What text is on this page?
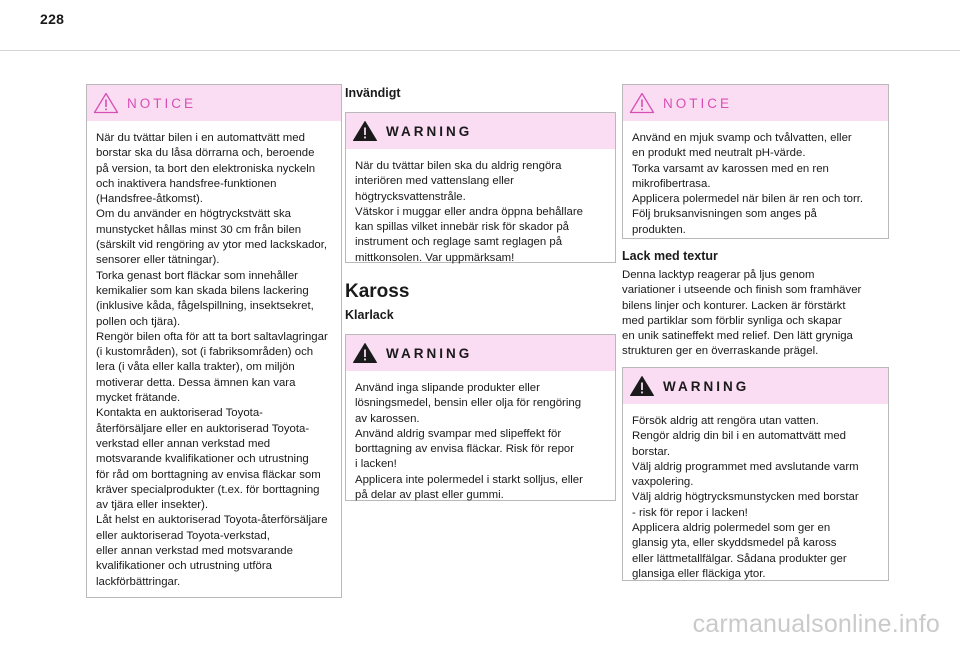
228
NOTICE

När du tvättar bilen i en automattvätt med
borstar ska du låsa dörrarna och, beroende
på version, ta bort den elektroniska nyckeln
och inaktivera handsfree-funktionen
(Handsfree-åtkomst).
Om du använder en högtryckstvätt ska
munstycket hållas minst 30 cm från bilen
(särskilt vid rengöring av ytor med lackskador,
sensorer eller tätningar).
Torka genast bort fläckar som innehåller
kemikalier som kan skada bilens lackering
(inklusive kåda, fågelspillning, insektsekret,
pollen och tjära).
Rengör bilen ofta för att ta bort saltavlagringar
(i kustområden), sot (i fabriksområden) och
lera (i våta eller kalla trakter), om miljön
motiverar detta. Dessa ämnen kan vara
mycket frätande.
Kontakta en auktoriserad Toyota-
återförsäljare eller en auktoriserad Toyota-
verkstad eller annan verkstad med
motsvarande kvalifikationer och utrustning
för råd om borttagning av envisa fläckar som
kräver specialprodukter (t.ex. för borttagning
av tjära eller insekter).
Låt helst en auktoriserad Toyota-återförsäljare
eller auktoriserad Toyota-verkstad,
eller annan verkstad med motsvarande
kvalifikationer och utrustning utföra
lackförbättringar.

Invändigt
WARNING

När du tvättar bilen ska du aldrig rengöra
interiören med vattenslang eller
högtrycksvattenstråle.
Vätskor i muggar eller andra öppna behållare
kan spillas vilket innebär risk för skador på
instrument och reglage samt reglagen på
mittkonsolen. Var uppmärksam!

Kaross
Klarlack
WARNING

Använd inga slipande produkter eller
lösningsmedel, bensin eller olja för rengöring
av karossen.
Använd aldrig svampar med slipeffekt för
borttagning av envisa fläckar. Risk för repor
i lacken!
Applicera inte polermedel i starkt solljus, eller
på delar av plast eller gummi.

NOTICE

Använd en mjuk svamp och tvålvatten, eller
en produkt med neutralt pH-värde.
Torka varsamt av karossen med en ren
mikrofibertrasa.
Applicera polermedel när bilen är ren och torr.
Följ bruksanvisningen som anges på
produkten.

Lack med textur
Denna lacktyp reagerar på ljus genom
variationer i utseende och finish som framhäver
bilens linjer och konturer. Lacken är förstärkt
med partiklar som förblir synliga och skapar
en unik satineffekt med relief. Den lätt gryniga
strukturen ger en överraskande prägel.
WARNING

Försök aldrig att rengöra utan vatten.
Rengör aldrig din bil i en automattvätt med
borstar.
Välj aldrig programmet med avslutande varm
vaxpolering.
Välj aldrig högtrycksmunstycken med borstar
- risk för repor i lacken!
Applicera aldrig polermedel som ger en
glansig yta, eller skyddsmedel på kaross
eller lättmetallfälgar. Sådana produkter ger
glansiga eller fläckiga ytor.

carmanualsonline.info
